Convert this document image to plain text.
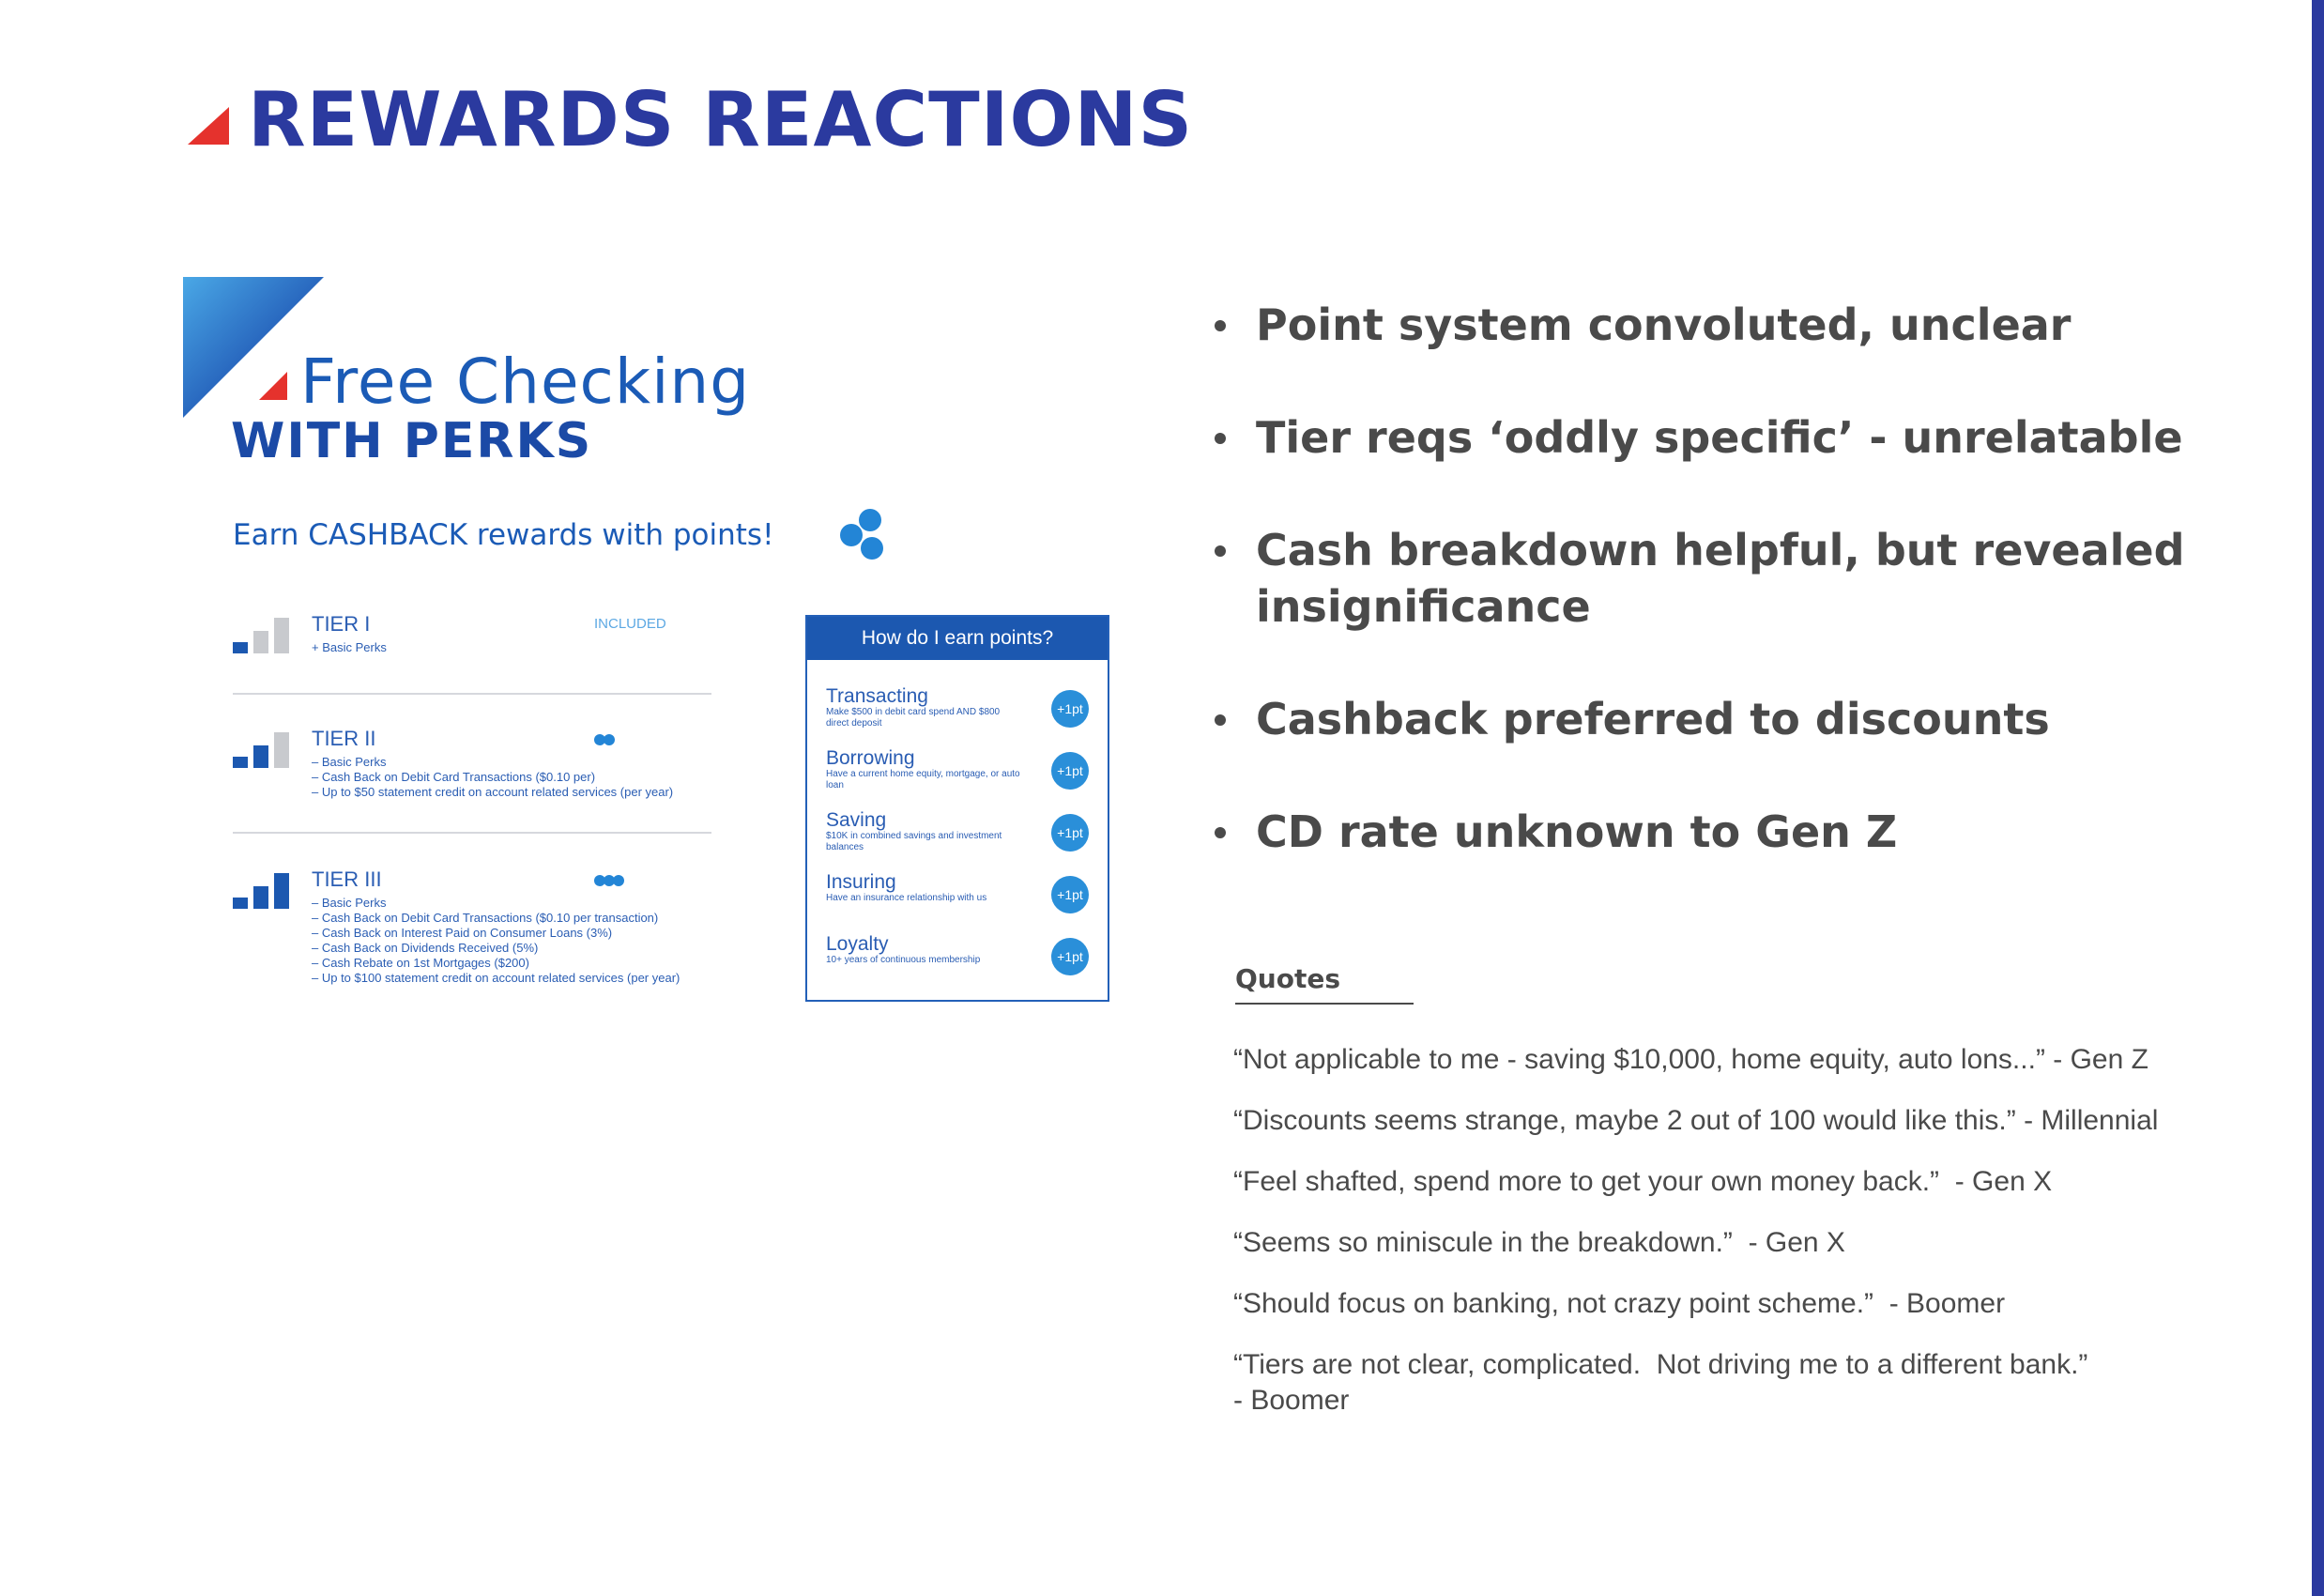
REWARDS REACTIONS
Free Checking
WITH PERKS
Earn CASHBACK rewards with points!
TIER I	INCLUDED
+ Basic Perks
TIER II
– Basic Perks
– Cash Back on Debit Card Transactions ($0.10 per)
– Up to $50 statement credit on account related services (per year)
TIER III
– Basic Perks
– Cash Back on Debit Card Transactions ($0.10 per transaction)
– Cash Back on Interest Paid on Consumer Loans (3%)
– Cash Back on Dividends Received (5%)
– Cash Rebate on 1st Mortgages ($200)
– Up to $100 statement credit on account related services (per year)
How do I earn points?
Transacting
Make $500 in debit card spend AND $800 direct deposit
+1pt
Borrowing
Have a current home equity, mortgage, or auto loan
+1pt
Saving
$10K in combined savings and investment balances
+1pt
Insuring
Have an insurance relationship with us	+1pt
Loyalty
10+ years of continuous membership	+1pt
Point system convoluted, unclear
Tier reqs ‘oddly specific’ - unrelatable
Cash breakdown helpful, but revealed insignificance
Cashback preferred to discounts
CD rate unknown to Gen Z
Quotes
“Not applicable to me - saving $10,000, home equity, auto lons...” - Gen Z
“Discounts seems strange, maybe 2 out of 100 would like this.” - Millennial
“Feel shafted, spend more to get your own money back.”  - Gen X
“Seems so miniscule in the breakdown.”  - Gen X
“Should focus on banking, not crazy point scheme.”  - Boomer
“Tiers are not clear, complicated.  Not driving me to a different bank.”
- Boomer
